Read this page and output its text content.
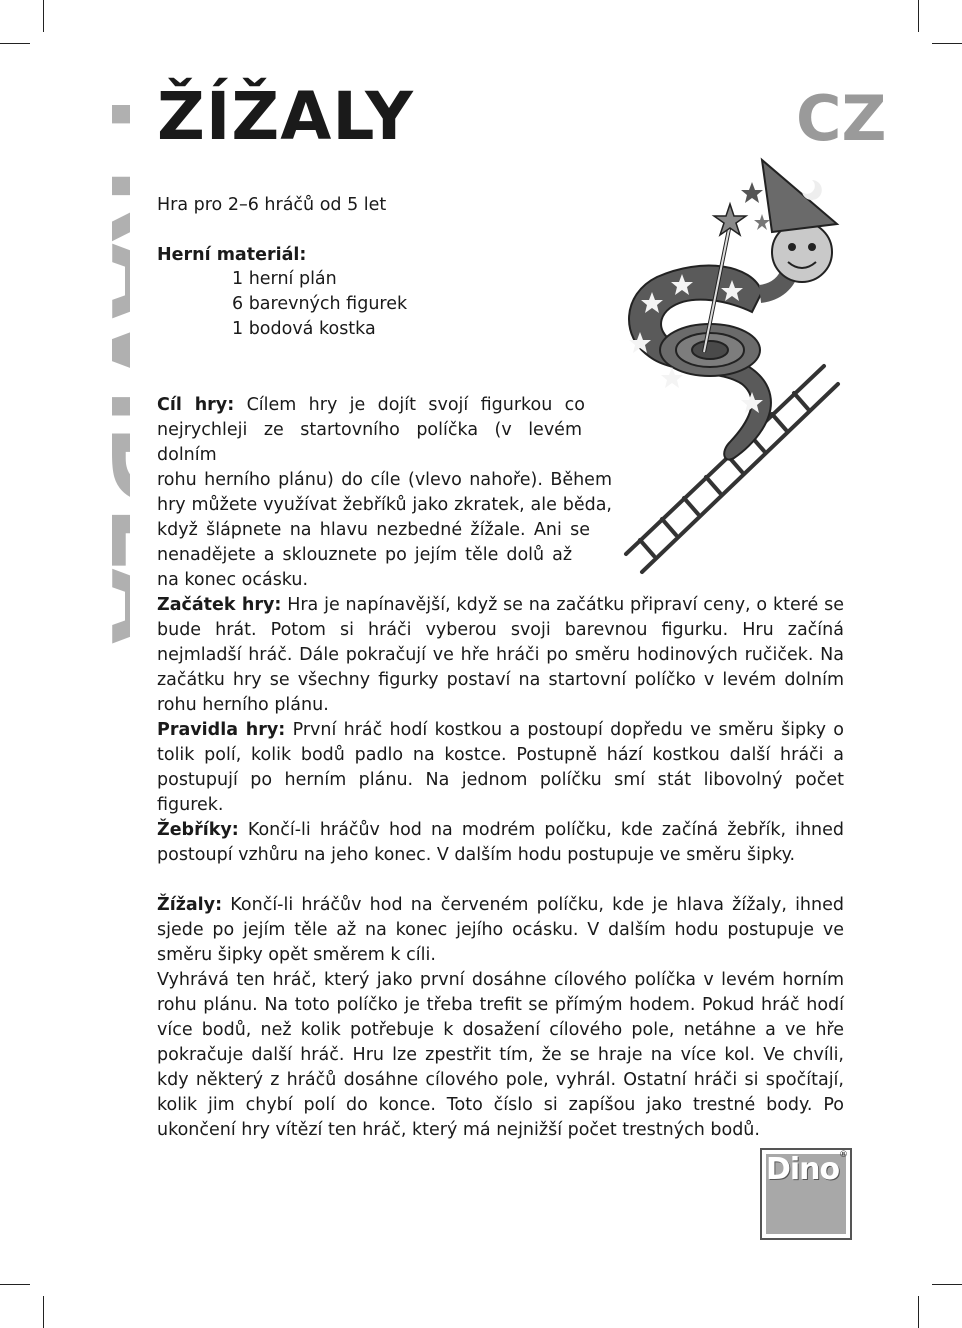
PRAVIDLA
ŽÍŽALY	CZ

Hra pro 2–6 hráčů od 5 let

Herní materiál:

1 herní plán
6 barevných figurek
1 bodová kostka
Cíl hry: Cílem hry je dojít svojí figurkou co
nejrychleji ze startovního políčka (v levém dolním
rohu herního plánu) do cíle (vlevo nahoře). Během
hry můžete využívat žebříků jako zkratek, ale běda,
když šlápnete na hlavu nezbedné žížale. Ani se
nenadějete a sklouznete po jejím těle dolů až
na konec ocásku.

Začátek hry: Hra je napínavější, když se na začátku připraví ceny, o které se bude hrát. Potom si hráči vyberou svoji barevnou figurku. Hru začíná nejmladší hráč. Dále pokračují ve hře hráči po směru hodinových ručiček. Na začátku hry se všechny figurky postaví na startovní políčko v levém dolním rohu herního plánu.

Pravidla hry: První hráč hodí kostkou a postoupí dopředu ve směru šipky o tolik polí, kolik bodů padlo na kostce. Postupně hází kostkou další hráči a postupují po herním plánu. Na jednom políčku smí stát libovolný počet figurek.

Žebříky: Končí-li hráčův hod na modrém políčku, kde začíná žebřík, ihned postoupí vzhůru na jeho konec. V dalším hodu postupuje ve směru šipky.

Žížaly: Končí-li hráčův hod na červeném políčku, kde je hlava žížaly, ihned sjede po jejím těle až na konec jejího ocásku. V dalším hodu postupuje ve směru šipky opět směrem k cíli.
Vyhrává ten hráč, který jako první dosáhne cílového políčka v levém horním rohu plánu. Na toto políčko je třeba trefit se přímým hodem. Pokud hráč hodí více bodů, než kolik potřebuje k dosažení cílového pole, netáhne a ve hře pokračuje další hráč. Hru lze zpestřit tím, že se hraje na více kol. Ve chvíli, kdy některý z hráčů dosáhne cílového pole, vyhrál. Ostatní hráči si spočítají, kolik jim chybí polí do konce. Toto číslo si zapíšou jako trestné body. Po ukončení hry vítězí ten hráč, který má nejnižší počet trestných bodů.
Dino ®
